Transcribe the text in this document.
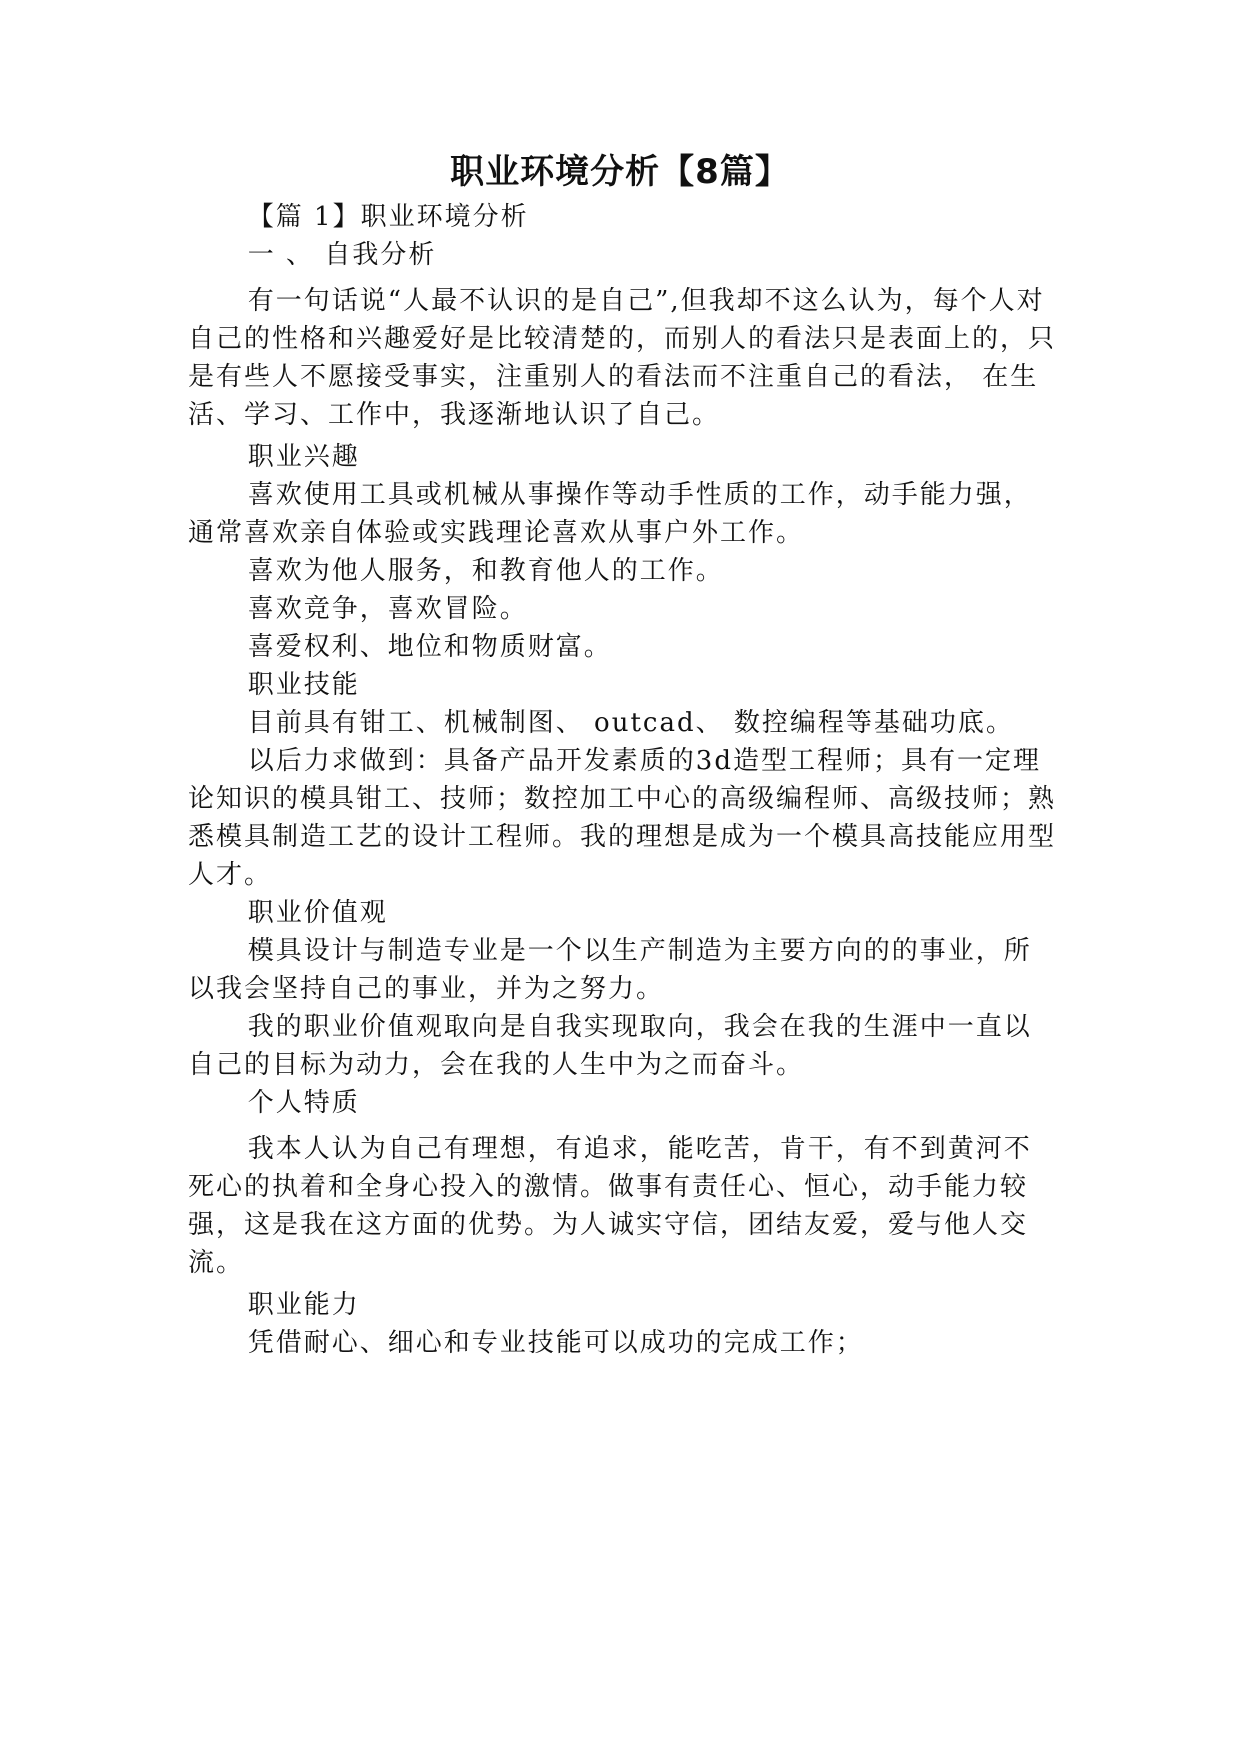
职业环境分析【8篇】

【篇 1】职业环境分析

一 、 自我分析

有一句话说“人最不认识的是自己”,但我却不这么认为，每个人对自己的性格和兴趣爱好是比较清楚的，而别人的看法只是表面上的，只是有些人不愿接受事实，注重别人的看法而不注重自己的看法， 在生活、学习、工作中，我逐渐地认识了自己。

职业兴趣

喜欢使用工具或机械从事操作等动手性质的工作，动手能力强，通常喜欢亲自体验或实践理论喜欢从事户外工作。

喜欢为他人服务，和教育他人的工作。

喜欢竞争，喜欢冒险。

喜爱权利、地位和物质财富。

职业技能

目前具有钳工、机械制图、 outcad、 数控编程等基础功底。

以后力求做到：具备产品开发素质的3d造型工程师；具有一定理论知识的模具钳工、技师；数控加工中心的高级编程师、高级技师；熟悉模具制造工艺的设计工程师。我的理想是成为一个模具高技能应用型人才。

职业价值观

模具设计与制造专业是一个以生产制造为主要方向的的事业，所以我会坚持自己的事业，并为之努力。

我的职业价值观取向是自我实现取向，我会在我的生涯中一直以自己的目标为动力，会在我的人生中为之而奋斗。

个人特质

我本人认为自己有理想，有追求，能吃苦，肯干，有不到黄河不死心的执着和全身心投入的激情。做事有责任心、恒心，动手能力较强，这是我在这方面的优势。为人诚实守信，团结友爱，爱与他人交流。

职业能力

凭借耐心、细心和专业技能可以成功的完成工作；
